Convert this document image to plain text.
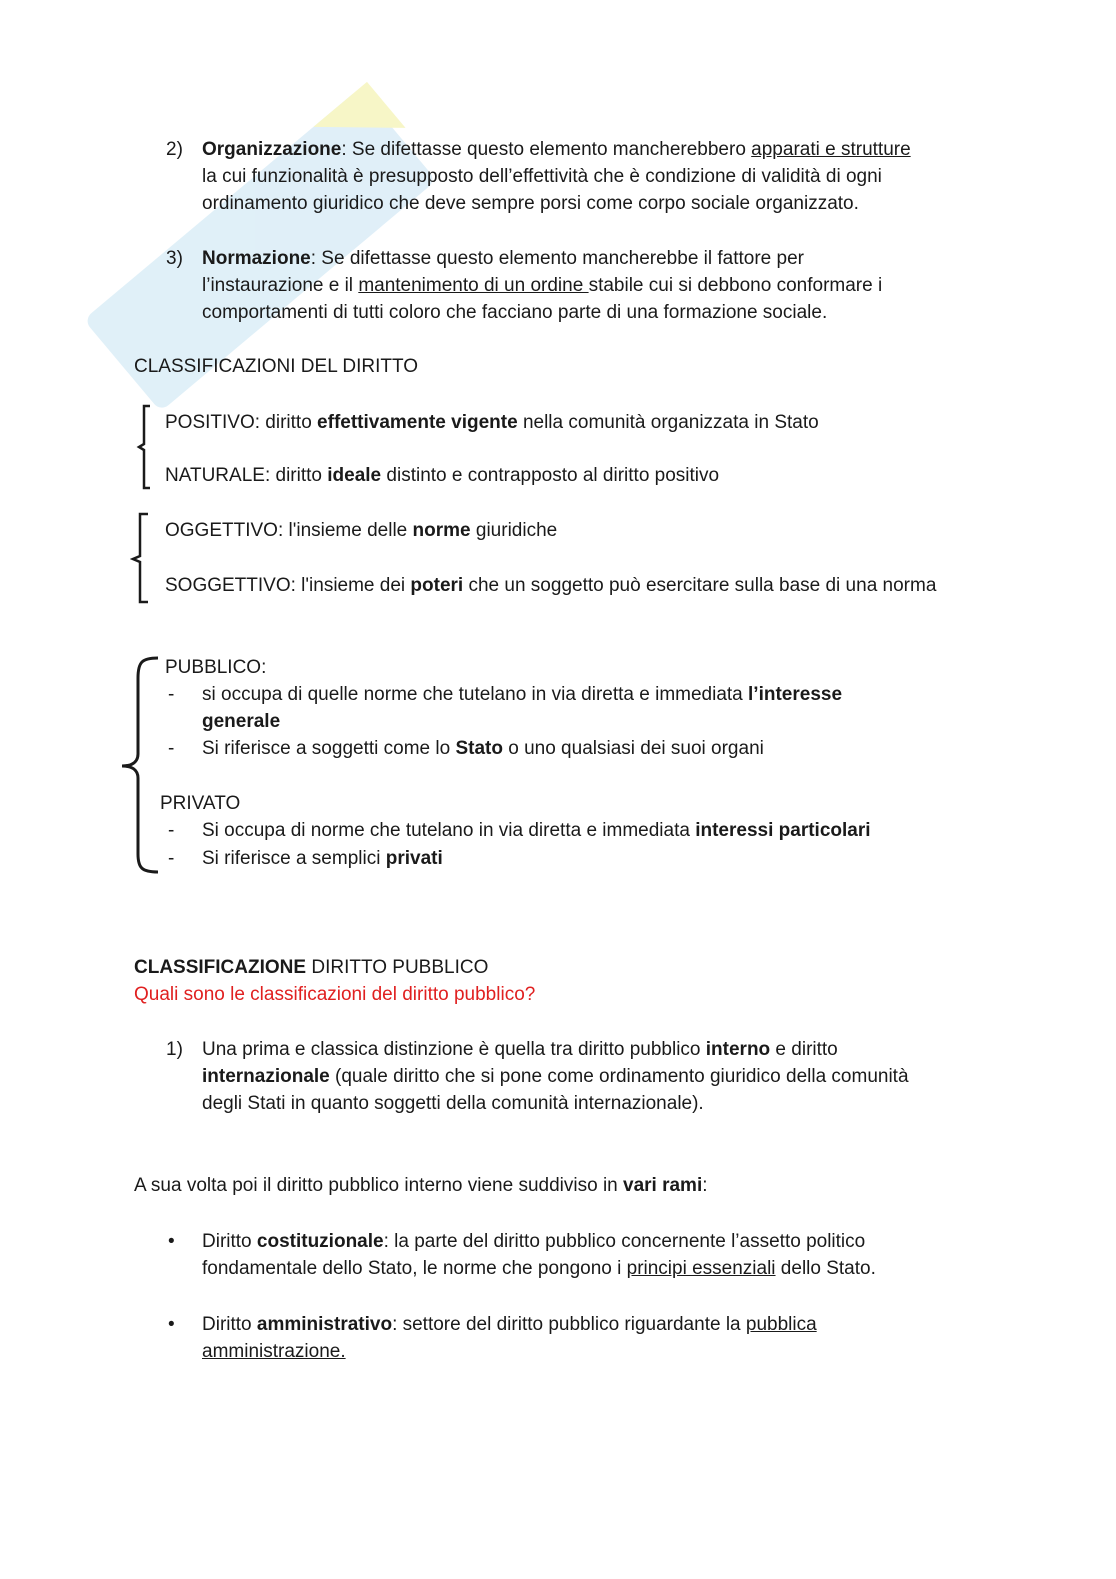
2) Organizzazione: Se difettasse questo elemento mancherebbero apparati e strutture
la cui funzionalità è presupposto dell’effettività che è condizione di validità di ogni
ordinamento giuridico che deve sempre porsi come corpo sociale organizzato.
3) Normazione: Se difettasse questo elemento mancherebbe il fattore per
l’instaurazione e il mantenimento di un ordine stabile cui si debbono conformare i
comportamenti di tutti coloro che facciano parte di una formazione sociale.
CLASSIFICAZIONI DEL DIRITTO
POSITIVO: diritto effettivamente vigente nella comunità organizzata in Stato
NATURALE: diritto ideale distinto e contrapposto al diritto positivo
OGGETTIVO: l'insieme delle norme giuridiche
SOGGETTIVO: l'insieme dei poteri che un soggetto può esercitare sulla base di una norma
PUBBLICO:
- si occupa di quelle norme che tutelano in via diretta e immediata l’interesse
generale
- Si riferisce a soggetti come lo Stato o uno qualsiasi dei suoi organi
PRIVATO
- Si occupa di norme che tutelano in via diretta e immediata interessi particolari
- Si riferisce a semplici privati
CLASSIFICAZIONE DIRITTO PUBBLICO
Quali sono le classificazioni del diritto pubblico?
1) Una prima e classica distinzione è quella tra diritto pubblico interno e diritto
internazionale (quale diritto che si pone come ordinamento giuridico della comunità
degli Stati in quanto soggetti della comunità internazionale).
A sua volta poi il diritto pubblico interno viene suddiviso in vari rami:
• Diritto costituzionale: la parte del diritto pubblico concernente l’assetto politico
fondamentale dello Stato, le norme che pongono i principi essenziali dello Stato.
• Diritto amministrativo: settore del diritto pubblico riguardante la pubblica
amministrazione.
